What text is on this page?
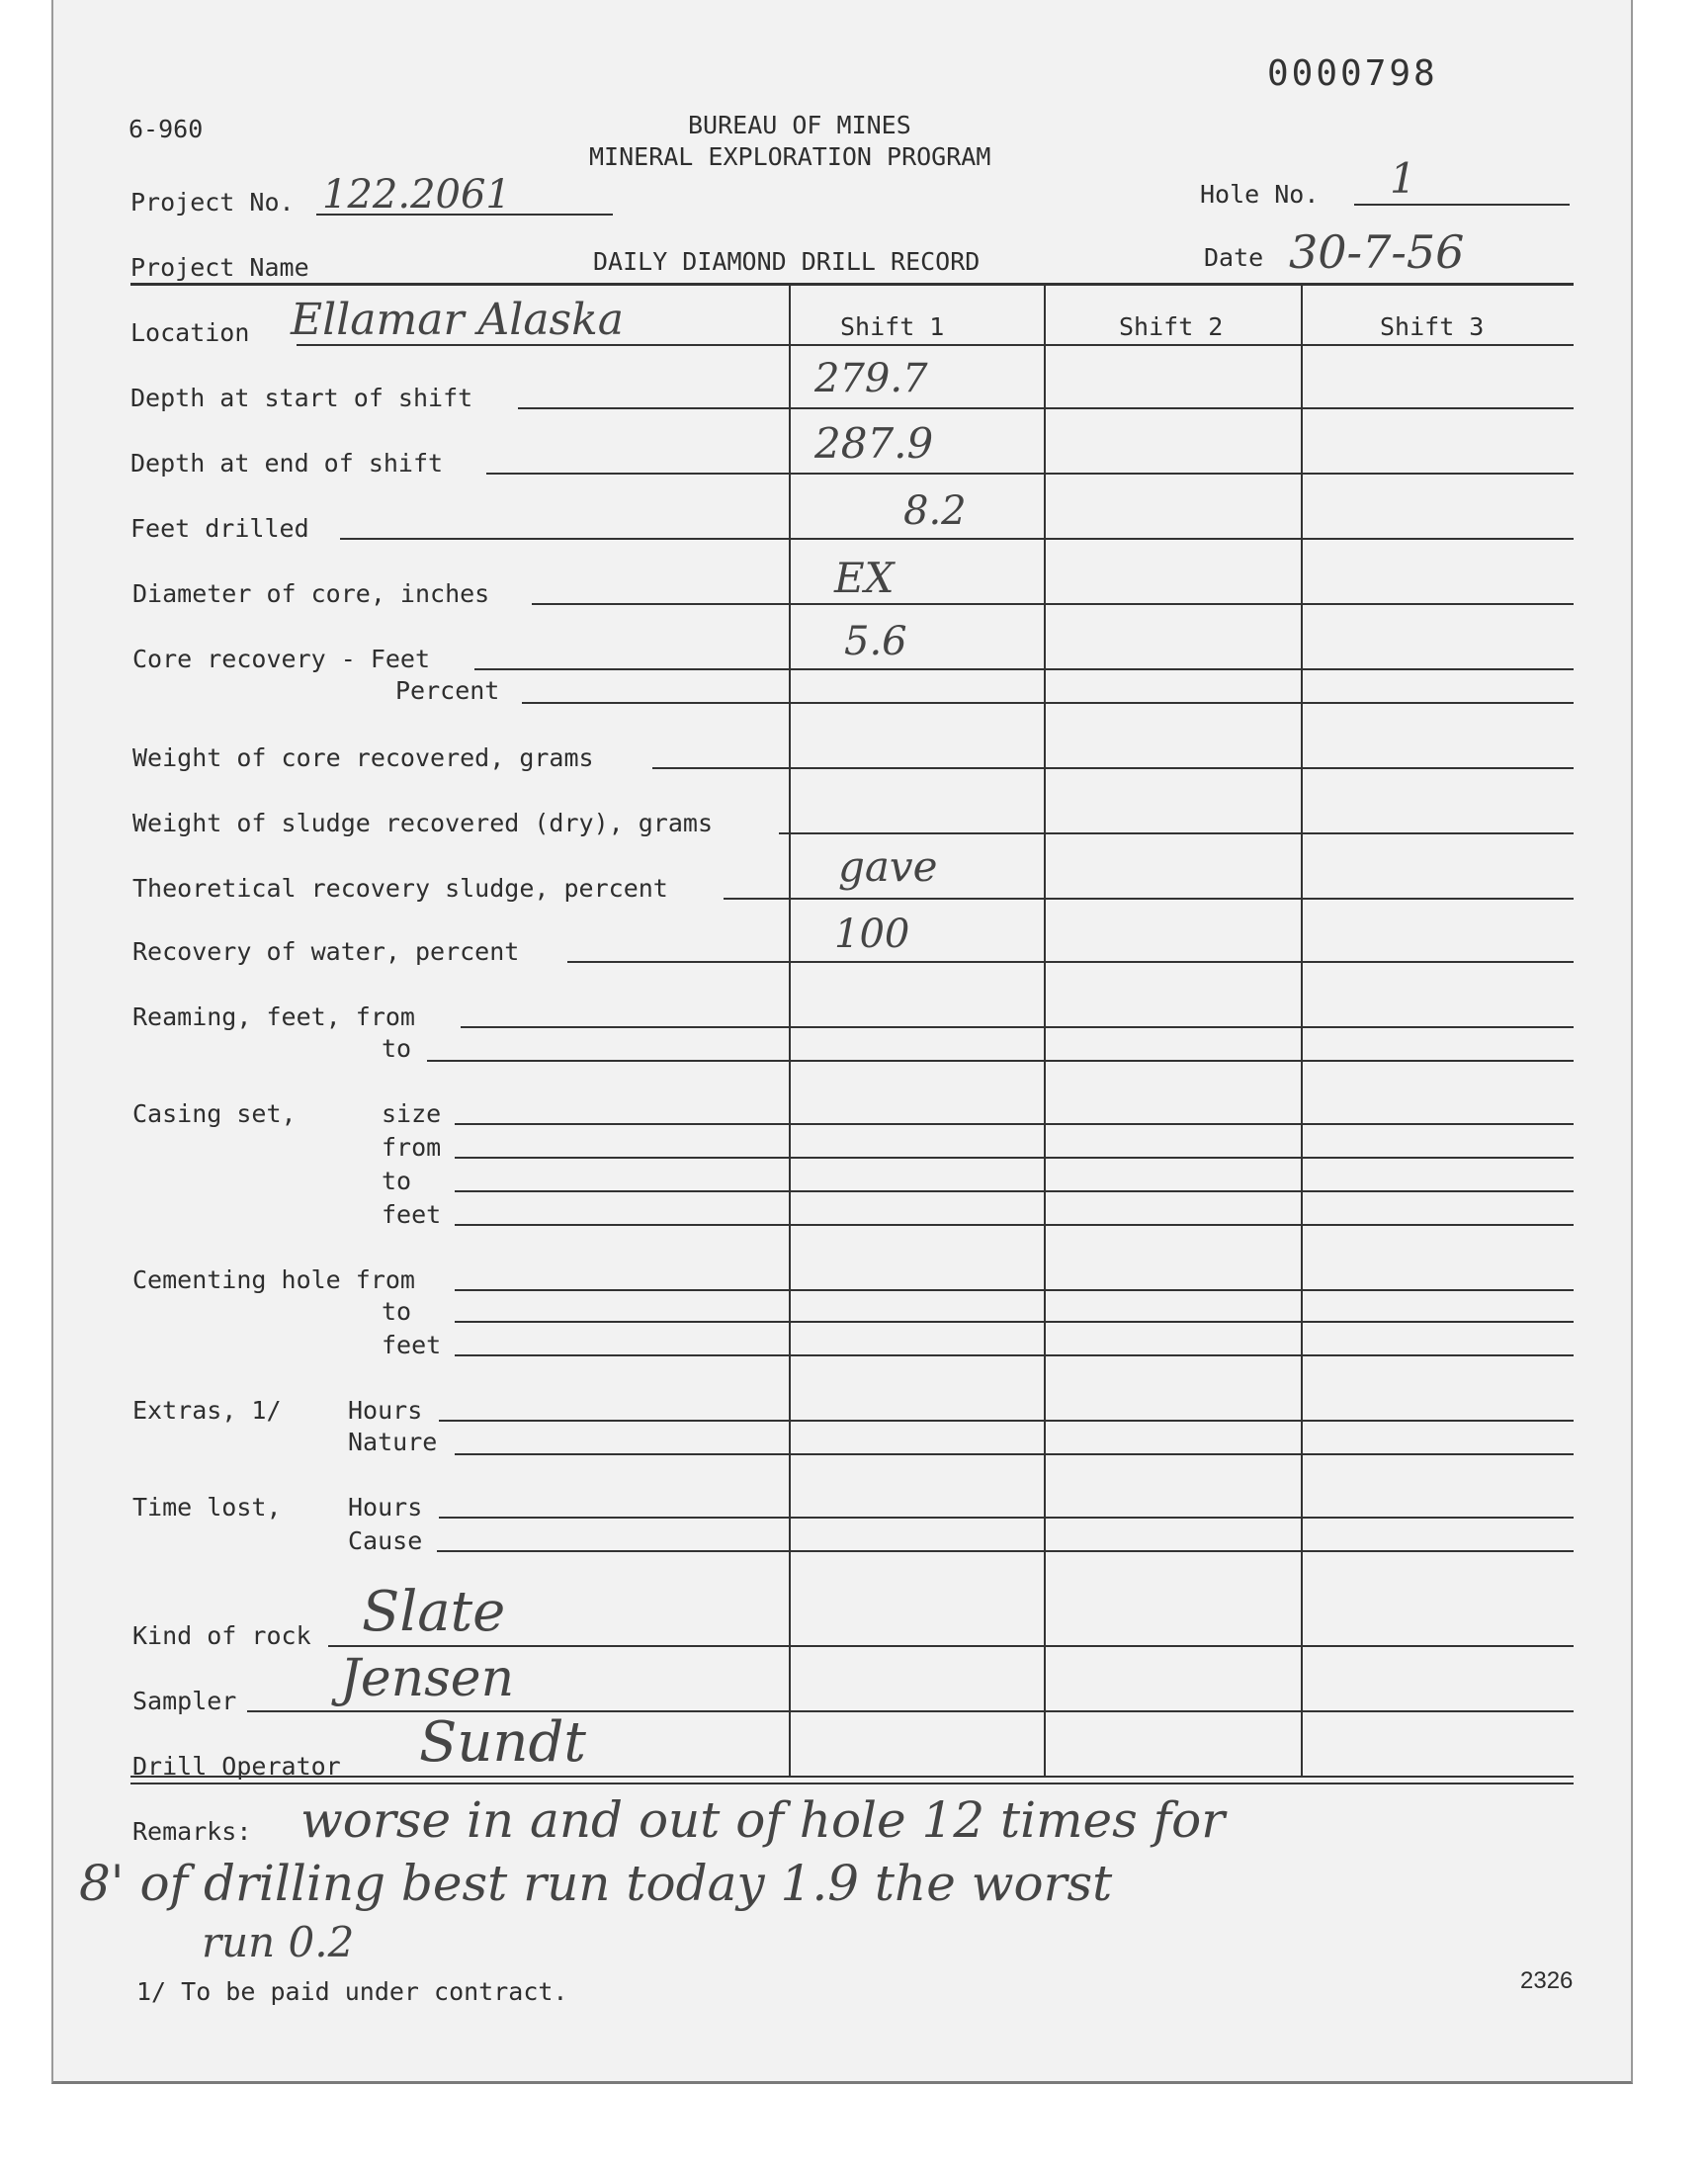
0000798
6-960	BUREAU OF MINES
MINERAL EXPLORATION PROGRAM
Project No. 122.2061	Hole No. 1
Project Name	DAILY DIAMOND DRILL RECORD	Date 30-7-56
Location Ellamar Alaska	Shift 1	Shift 2	Shift 3
Depth at start of shift	279.7
Depth at end of shift	287.9
Feet drilled	8.2
Diameter of core, inches	EX
Core recovery - Feet	5.6
Percent
Weight of core recovered, grams
Weight of sludge recovered (dry), grams
Theoretical recovery sludge, percent	gave
Recovery of water, percent	100
Reaming, feet, from
to
Casing set,	size
from
to
feet
Cementing hole from
to
feet
Extras, 1/	Hours
Nature
Time lost,	Hours
Cause
Kind of rock Slate
Sampler Jensen
Drill Operator Sundt
Remarks: worse in and out of hole 12 times for
8' of drilling best run today 1.9 the worst
run 0.2
1/ To be paid under contract.	2326
